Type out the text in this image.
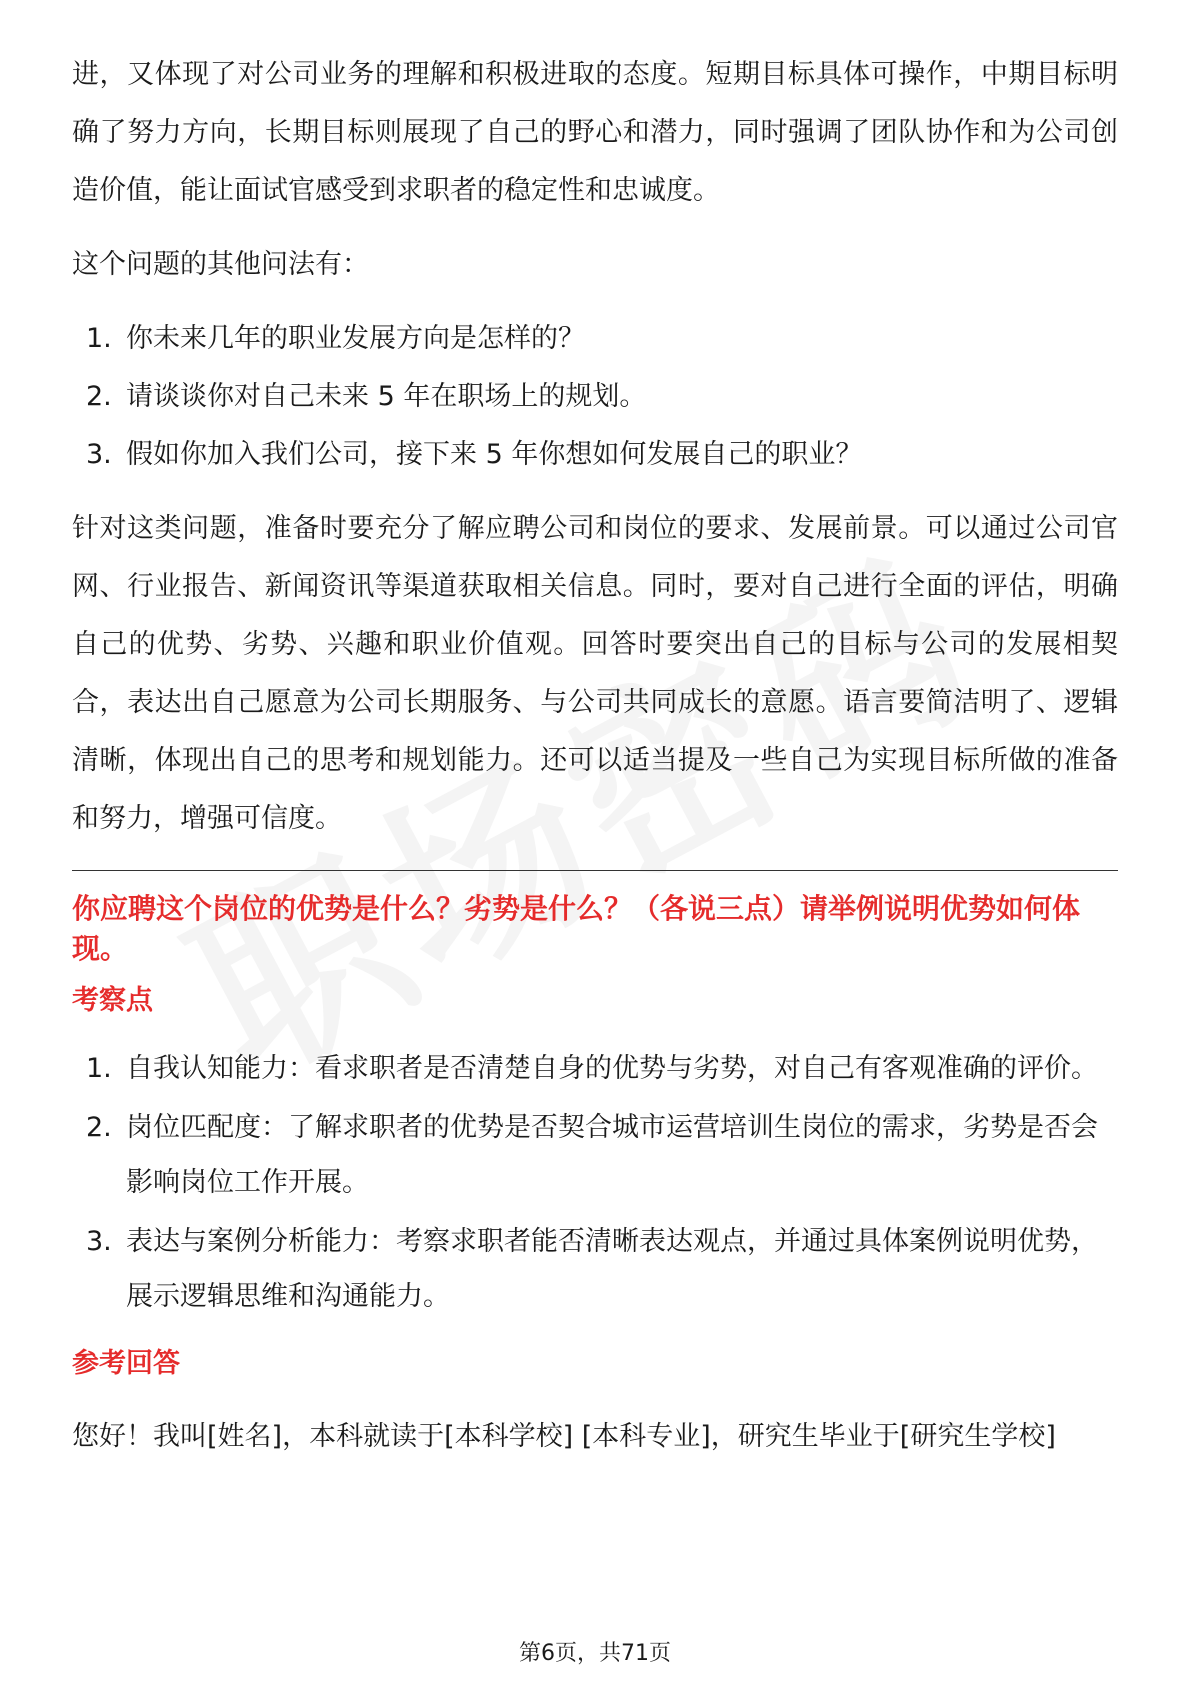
进，又体现了对公司业务的理解和积极进取的态度。短期目标具体可操作，中期目标明确了努力方向，长期目标则展现了自己的野心和潜力，同时强调了团队协作和为公司创造价值，能让面试官感受到求职者的稳定性和忠诚度。

这个问题的其他问法有：

1. 你未来几年的职业发展方向是怎样的？
2. 请谈谈你对自己未来 5 年在职场上的规划。
3. 假如你加入我们公司，接下来 5 年你想如何发展自己的职业？

针对这类问题，准备时要充分了解应聘公司和岗位的要求、发展前景。可以通过公司官网、行业报告、新闻资讯等渠道获取相关信息。同时，要对自己进行全面的评估，明确自己的优势、劣势、兴趣和职业价值观。回答时要突出自己的目标与公司的发展相契合，表达出自己愿意为公司长期服务、与公司共同成长的意愿。语言要简洁明了、逻辑清晰，体现出自己的思考和规划能力。还可以适当提及一些自己为实现目标所做的准备和努力，增强可信度。

你应聘这个岗位的优势是什么？劣势是什么？（各说三点）请举例说明优势如何体现。

考察点

1. 自我认知能力：看求职者是否清楚自身的优势与劣势，对自己有客观准确的评价。
2. 岗位匹配度：了解求职者的优势是否契合城市运营培训生岗位的需求，劣势是否会影响岗位工作开展。
3. 表达与案例分析能力：考察求职者能否清晰表达观点，并通过具体案例说明优势，展示逻辑思维和沟通能力。

参考回答

您好！我叫[姓名]，本科就读于[本科学校] [本科专业]，研究生毕业于[研究生学校]

第6页，共71页
